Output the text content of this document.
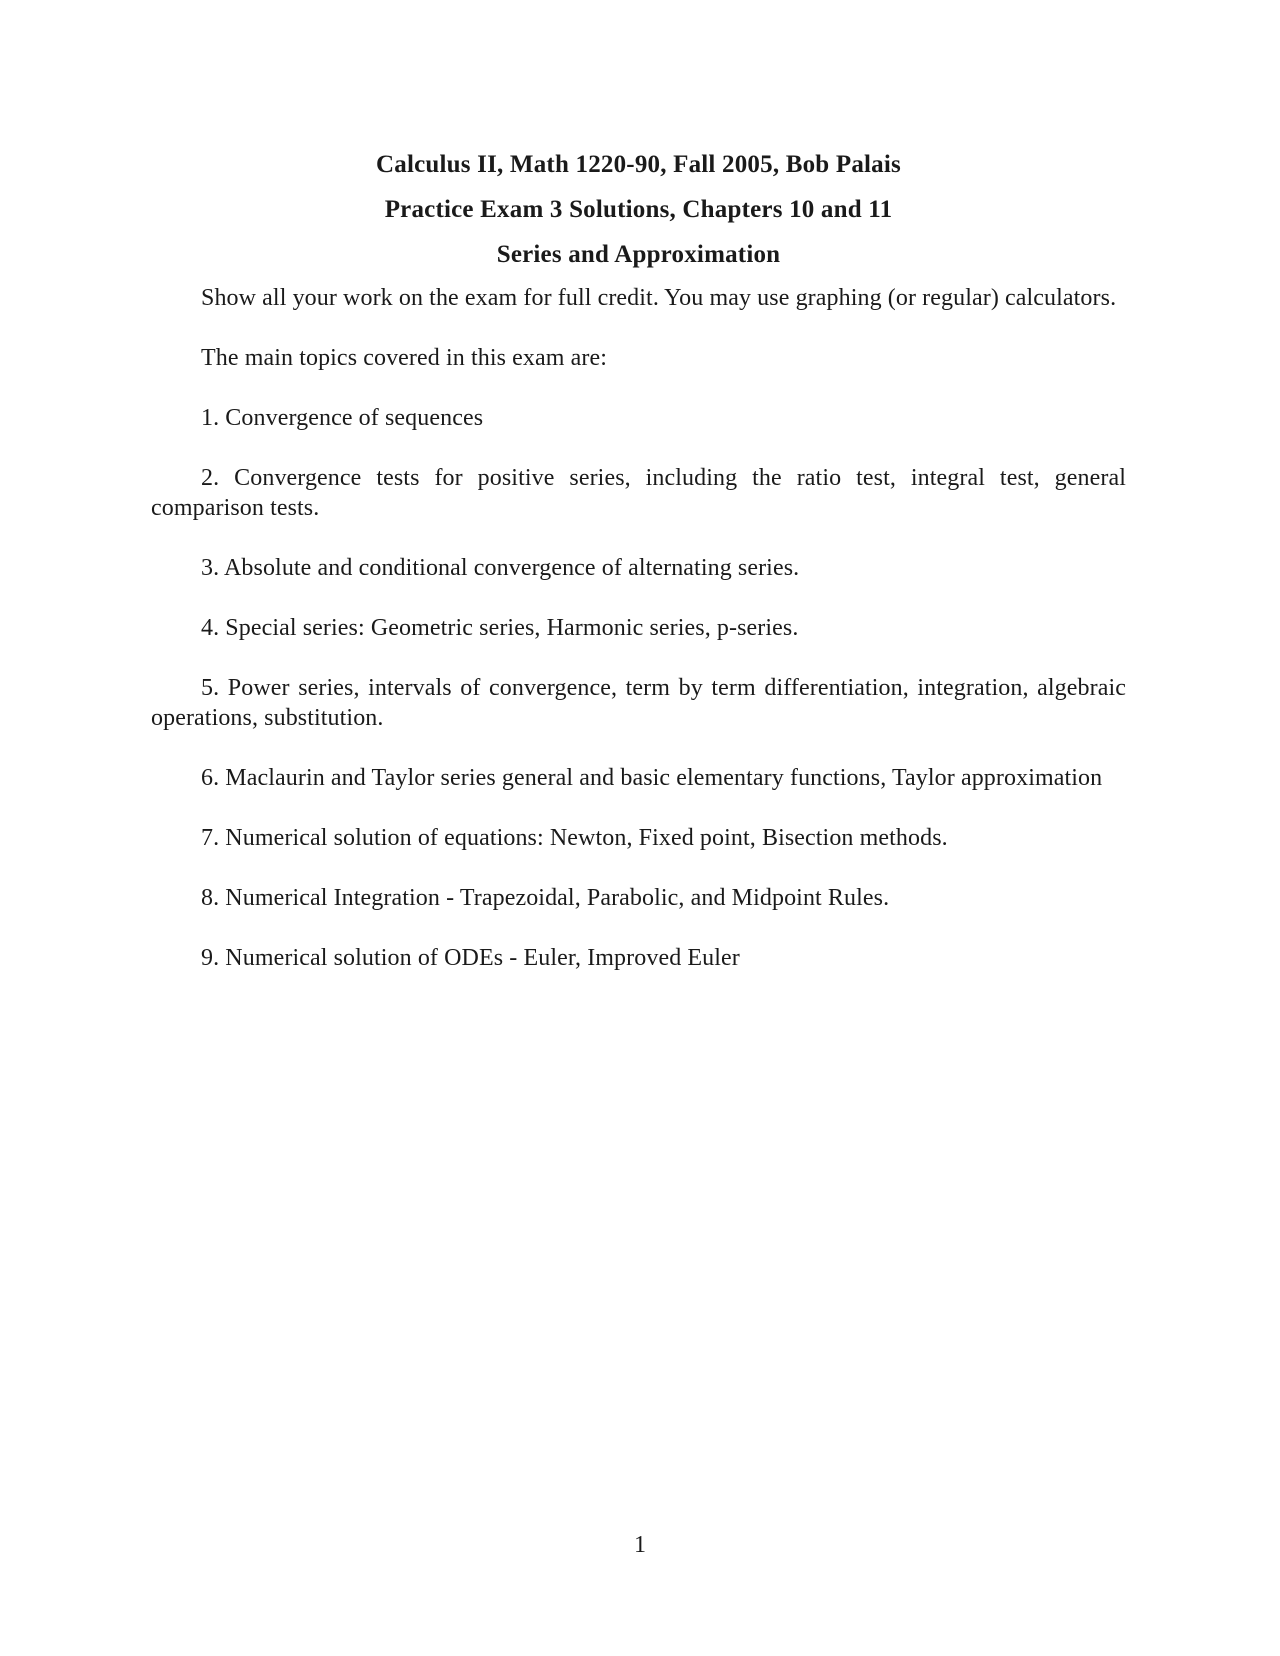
Calculus II, Math 1220-90, Fall 2005, Bob Palais
Practice Exam 3 Solutions, Chapters 10 and 11
Series and Approximation

Show all your work on the exam for full credit. You may use graphing (or regular) calculators.

The main topics covered in this exam are:

1. Convergence of sequences
2. Convergence tests for positive series, including the ratio test, integral test, general comparison tests.
3. Absolute and conditional convergence of alternating series.
4. Special series: Geometric series, Harmonic series, p-series.
5. Power series, intervals of convergence, term by term differentiation, integration, algebraic operations, substitution.
6. Maclaurin and Taylor series general and basic elementary functions, Taylor approximation
7. Numerical solution of equations: Newton, Fixed point, Bisection methods.
8. Numerical Integration - Trapezoidal, Parabolic, and Midpoint Rules.
9. Numerical solution of ODEs - Euler, Improved Euler
1
